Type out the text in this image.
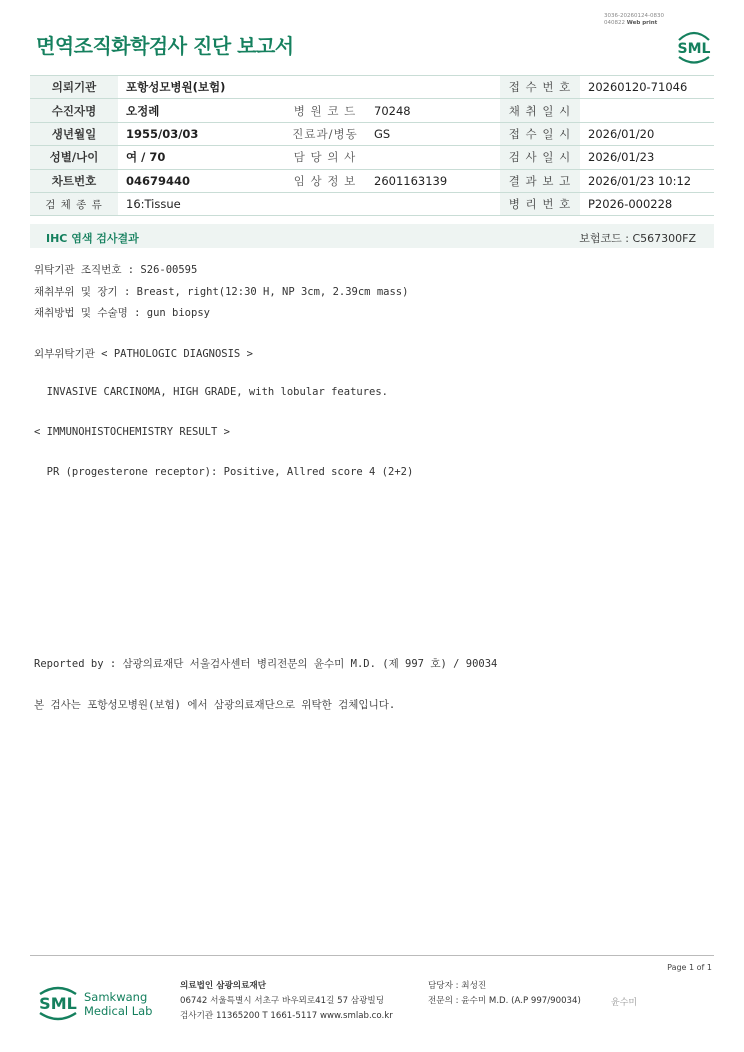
면역조직화학검사 진단 보고서
3036-20260124-0830
040822 Web print
SML
의뢰기관	포항성모병원(보험)			접 수 번 호	20260120-71046
수진자명	오정례	병 원 코 드	70248	채 취 일 시	
생년월일	1955/03/03	진료과/병동	GS	접 수 일 시	2026/01/20
성별/나이	여 / 70	담 당 의 사		검 사 일 시	2026/01/23
차트번호	04679440	임 상 정 보	2601163139	결 과 보 고	2026/01/23 10:12
검 체 종 류	16:Tissue			병 리 번 호	P2026-000228
IHC 염색 검사결과	보험코드 : C567300FZ
위탁기관 조직번호 : S26-00595
채취부위 및 장기 : Breast, right(12:30 H, NP 3cm, 2.39cm mass)
채취방법 및 수술명 : gun biopsy
외부위탁기관 < PATHOLOGIC DIAGNOSIS >
INVASIVE CARCINOMA, HIGH GRADE, with lobular features.
< IMMUNOHISTOCHEMISTRY RESULT >
PR (progesterone receptor): Positive, Allred score 4 (2+2)
Reported by : 삼광의료재단 서울검사센터 병리전문의 윤수미 M.D. (제 997 호) / 90034
본 검사는 포항성모병원(보험) 에서 삼광의료재단으로 위탁한 검체입니다.
Page 1 of 1
SML Samkwang
Medical Lab
의료법인 삼광의료재단
06742 서울특별시 서초구 바우뫼로41길 57 삼광빌딩
검사기관 11365200 T 1661-5117 www.smlab.co.kr
담당자 : 최성진
전문의 : 윤수미 M.D. (A.P 997/90034)	윤수미
